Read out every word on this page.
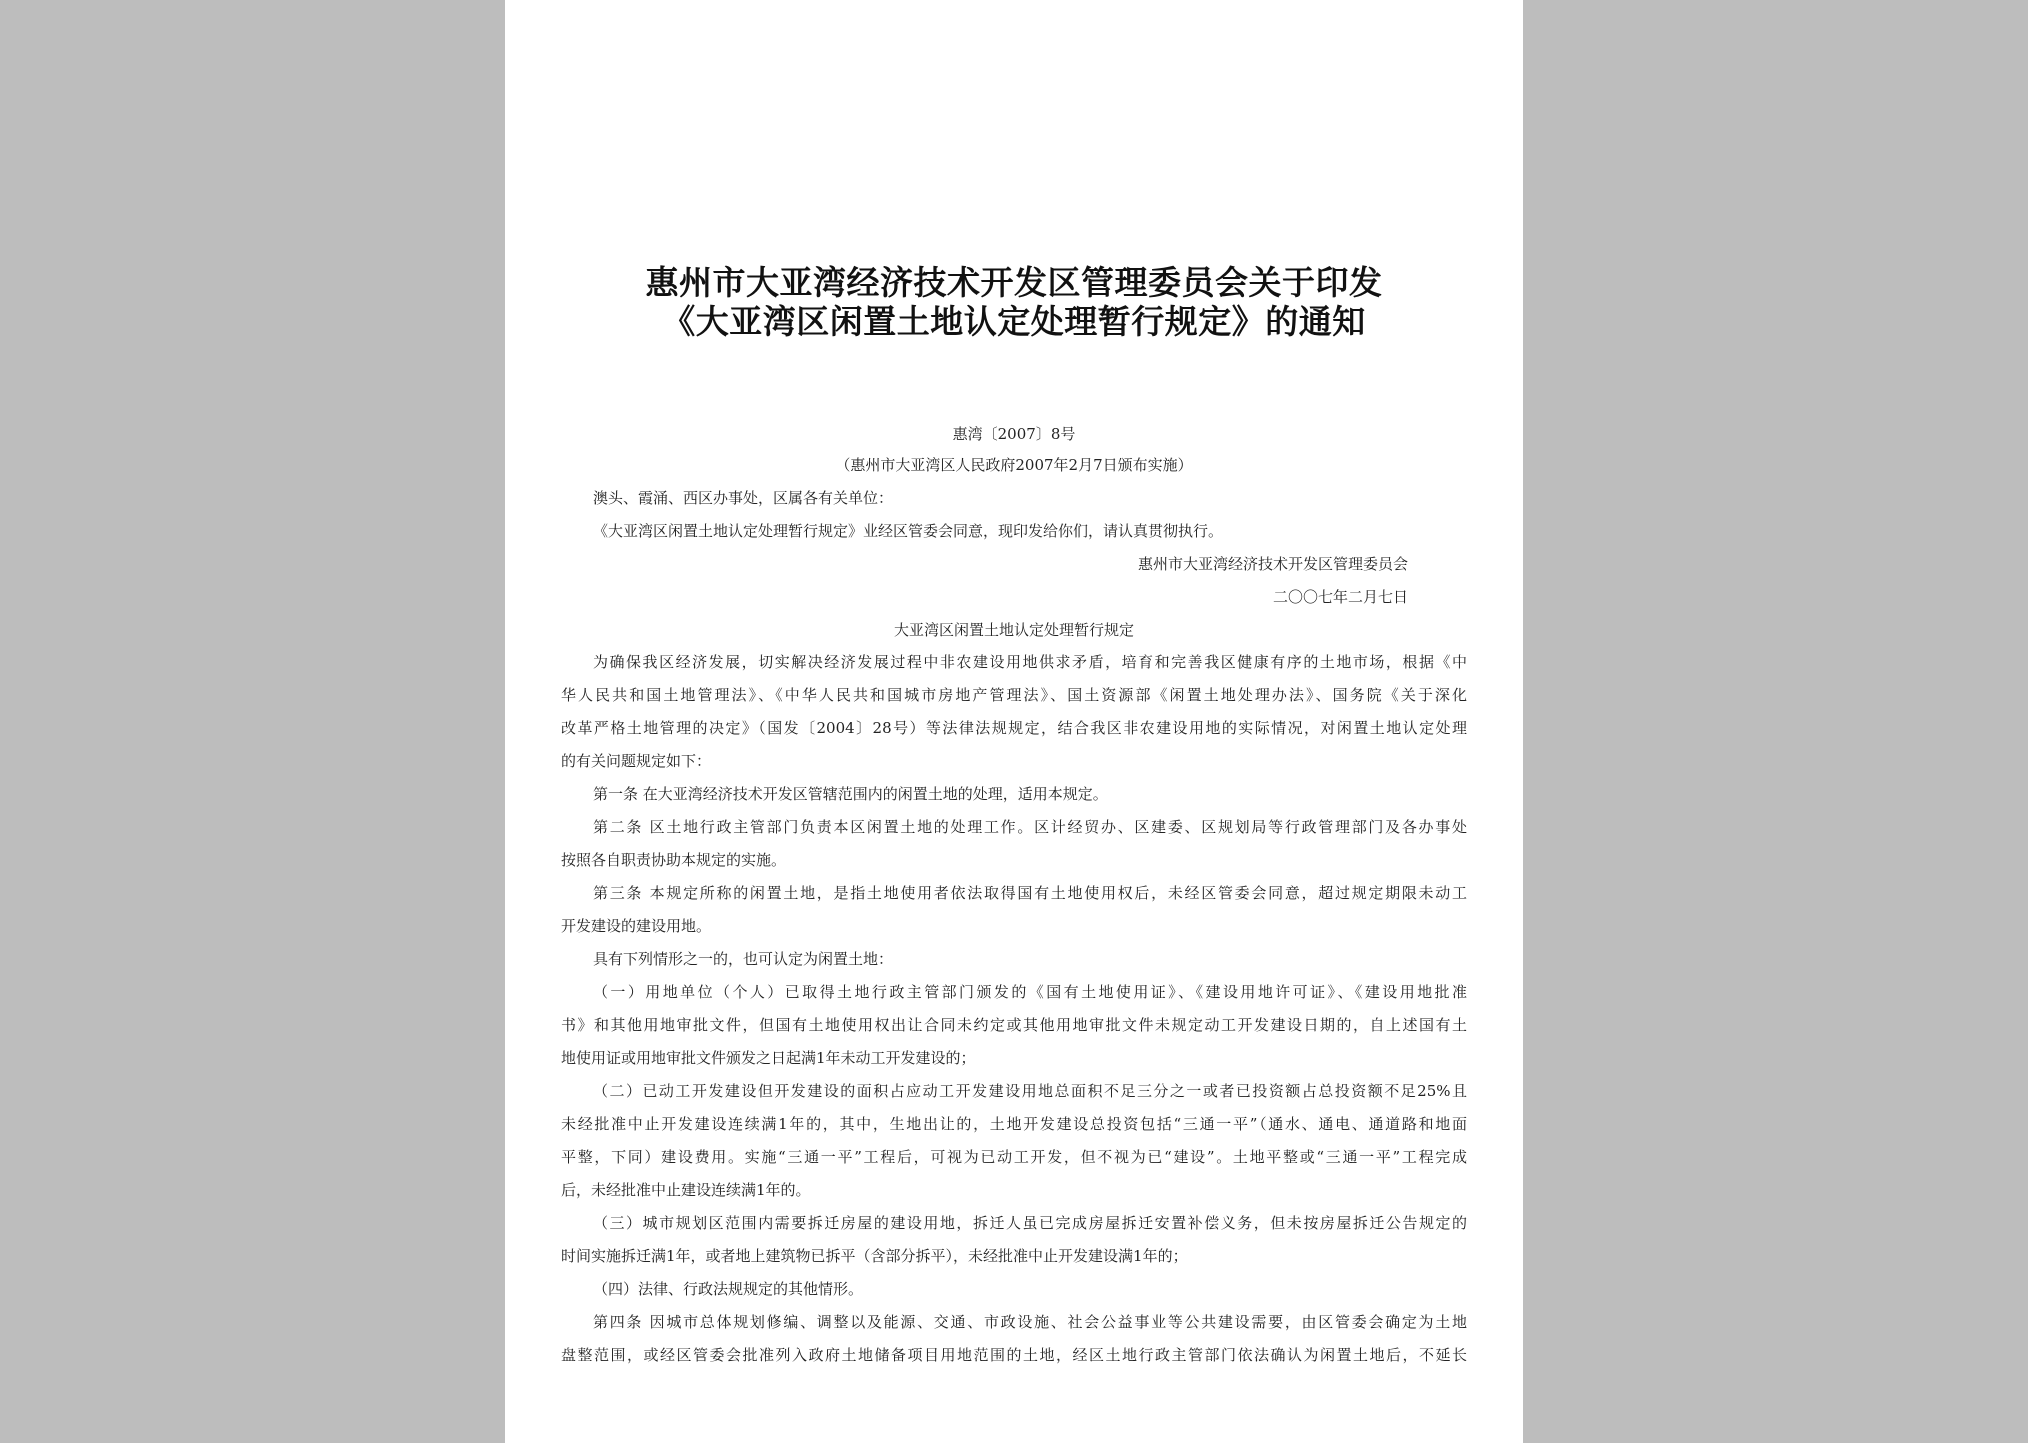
惠州市大亚湾经济技术开发区管理委员会关于印发
《大亚湾区闲置土地认定处理暂行规定》的通知
惠湾〔2007〕8号
（惠州市大亚湾区人民政府2007年2月7日颁布实施）
澳头、霞涌、西区办事处，区属各有关单位：
《大亚湾区闲置土地认定处理暂行规定》业经区管委会同意，现印发给你们，请认真贯彻执行。
惠州市大亚湾经济技术开发区管理委员会
二〇〇七年二月七日
大亚湾区闲置土地认定处理暂行规定
为确保我区经济发展，切实解决经济发展过程中非农建设用地供求矛盾，培育和完善我区健康有序的土地市场，根据《中
华人民共和国土地管理法》、《中华人民共和国城市房地产管理法》、国土资源部《闲置土地处理办法》、国务院《关于深化
改革严格土地管理的决定》（国发〔2004〕28号）等法律法规规定，结合我区非农建设用地的实际情况，对闲置土地认定处理
的有关问题规定如下：
第一条 在大亚湾经济技术开发区管辖范围内的闲置土地的处理，适用本规定。
第二条 区土地行政主管部门负责本区闲置土地的处理工作。区计经贸办、区建委、区规划局等行政管理部门及各办事处
按照各自职责协助本规定的实施。
第三条 本规定所称的闲置土地，是指土地使用者依法取得国有土地使用权后，未经区管委会同意，超过规定期限未动工
开发建设的建设用地。
具有下列情形之一的，也可认定为闲置土地：
（一）用地单位（个人）已取得土地行政主管部门颁发的《国有土地使用证》、《建设用地许可证》、《建设用地批准
书》和其他用地审批文件，但国有土地使用权出让合同未约定或其他用地审批文件未规定动工开发建设日期的，自上述国有土
地使用证或用地审批文件颁发之日起满1年未动工开发建设的；
（二）已动工开发建设但开发建设的面积占应动工开发建设用地总面积不足三分之一或者已投资额占总投资额不足25%且
未经批准中止开发建设连续满1年的，其中，生地出让的，土地开发建设总投资包括“三通一平”（通水、通电、通道路和地面
平整，下同）建设费用。实施“三通一平”工程后，可视为已动工开发，但不视为已“建设”。土地平整或“三通一平”工程完成
后，未经批准中止建设连续满1年的。
（三）城市规划区范围内需要拆迁房屋的建设用地，拆迁人虽已完成房屋拆迁安置补偿义务，但未按房屋拆迁公告规定的
时间实施拆迁满1年，或者地上建筑物已拆平（含部分拆平），未经批准中止开发建设满1年的；
（四）法律、行政法规规定的其他情形。
第四条 因城市总体规划修编、调整以及能源、交通、市政设施、社会公益事业等公共建设需要，由区管委会确定为土地
盘整范围，或经区管委会批准列入政府土地储备项目用地范围的土地，经区土地行政主管部门依法确认为闲置土地后，不延长
